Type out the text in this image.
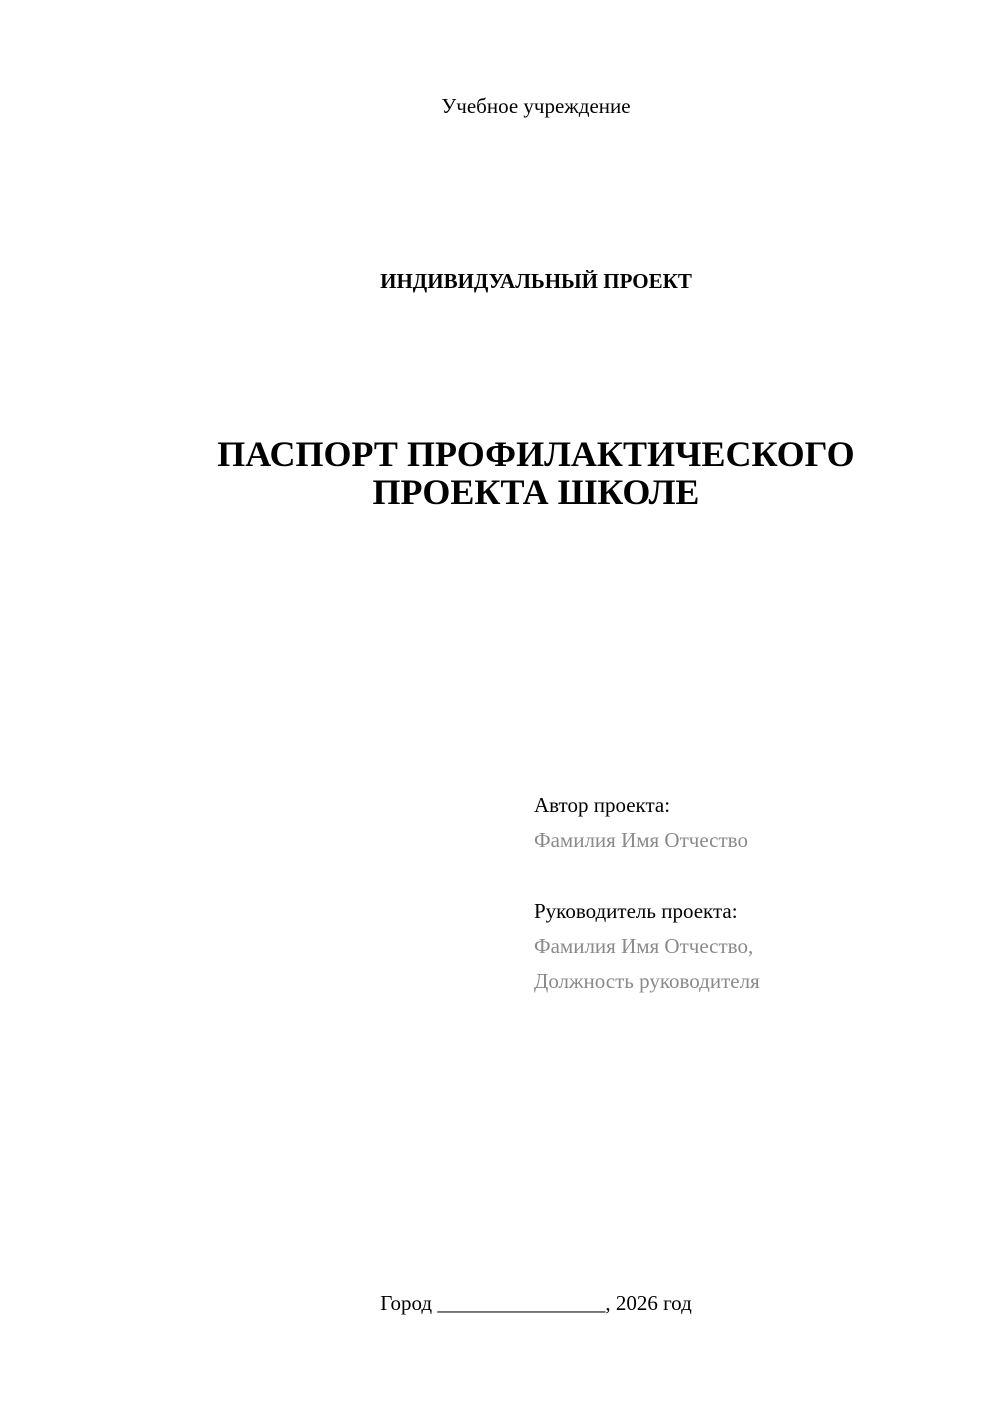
Учебное учреждение
ИНДИВИДУАЛЬНЫЙ ПРОЕКТ
ПАСПОРТ ПРОФИЛАКТИЧЕСКОГО
ПРОЕКТА ШКОЛЕ
Автор проекта:
Фамилия Имя Отчество
Руководитель проекта:
Фамилия Имя Отчество,
Должность руководителя
Город ________________, 2026 год
